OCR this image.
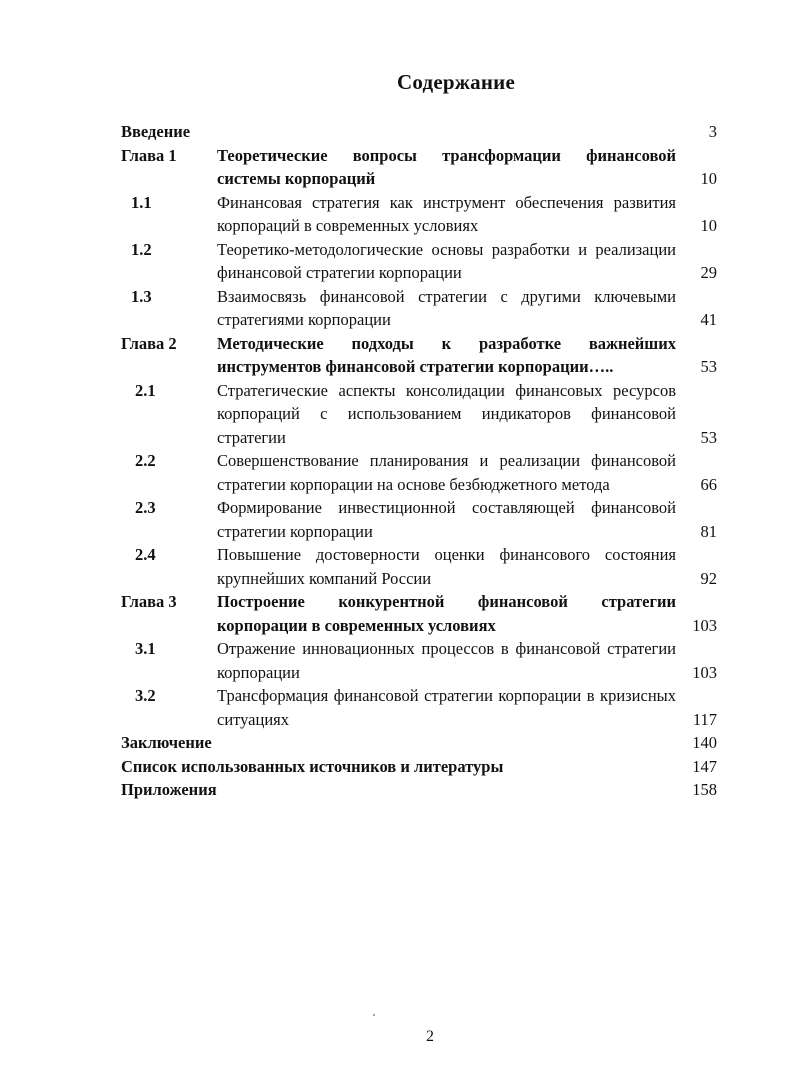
Содержание
Введение	3
Глава 1	Теоретические вопросы трансформации финансовой системы корпораций	10
1.1	Финансовая стратегия как инструмент обеспечения развития корпораций в современных условиях	10
1.2	Теоретико-методологические основы разработки и реализации финансовой стратегии корпорации	29
1.3	Взаимосвязь финансовой стратегии с другими ключевыми стратегиями корпорации	41
Глава 2	Методические подходы к разработке важнейших инструментов финансовой стратегии корпорации…..	53
2.1	Стратегические аспекты консолидации финансовых ресурсов корпораций с использованием индикаторов финансовой стратегии	53
2.2	Совершенствование планирования и реализации финансовой стратегии корпорации на основе безбюджетного метода	66
2.3	Формирование инвестиционной составляющей финансовой стратегии корпорации	81
2.4	Повышение достоверности оценки финансового состояния крупнейших компаний России	92
Глава 3	Построение конкурентной финансовой стратегии корпорации в современных условиях	103
3.1	Отражение инновационных процессов в финансовой стратегии корпорации	103
3.2	Трансформация финансовой стратегии корпорации в кризисных ситуациях	117
Заключение	140
Список использованных источников и литературы	147
Приложения	158
2
